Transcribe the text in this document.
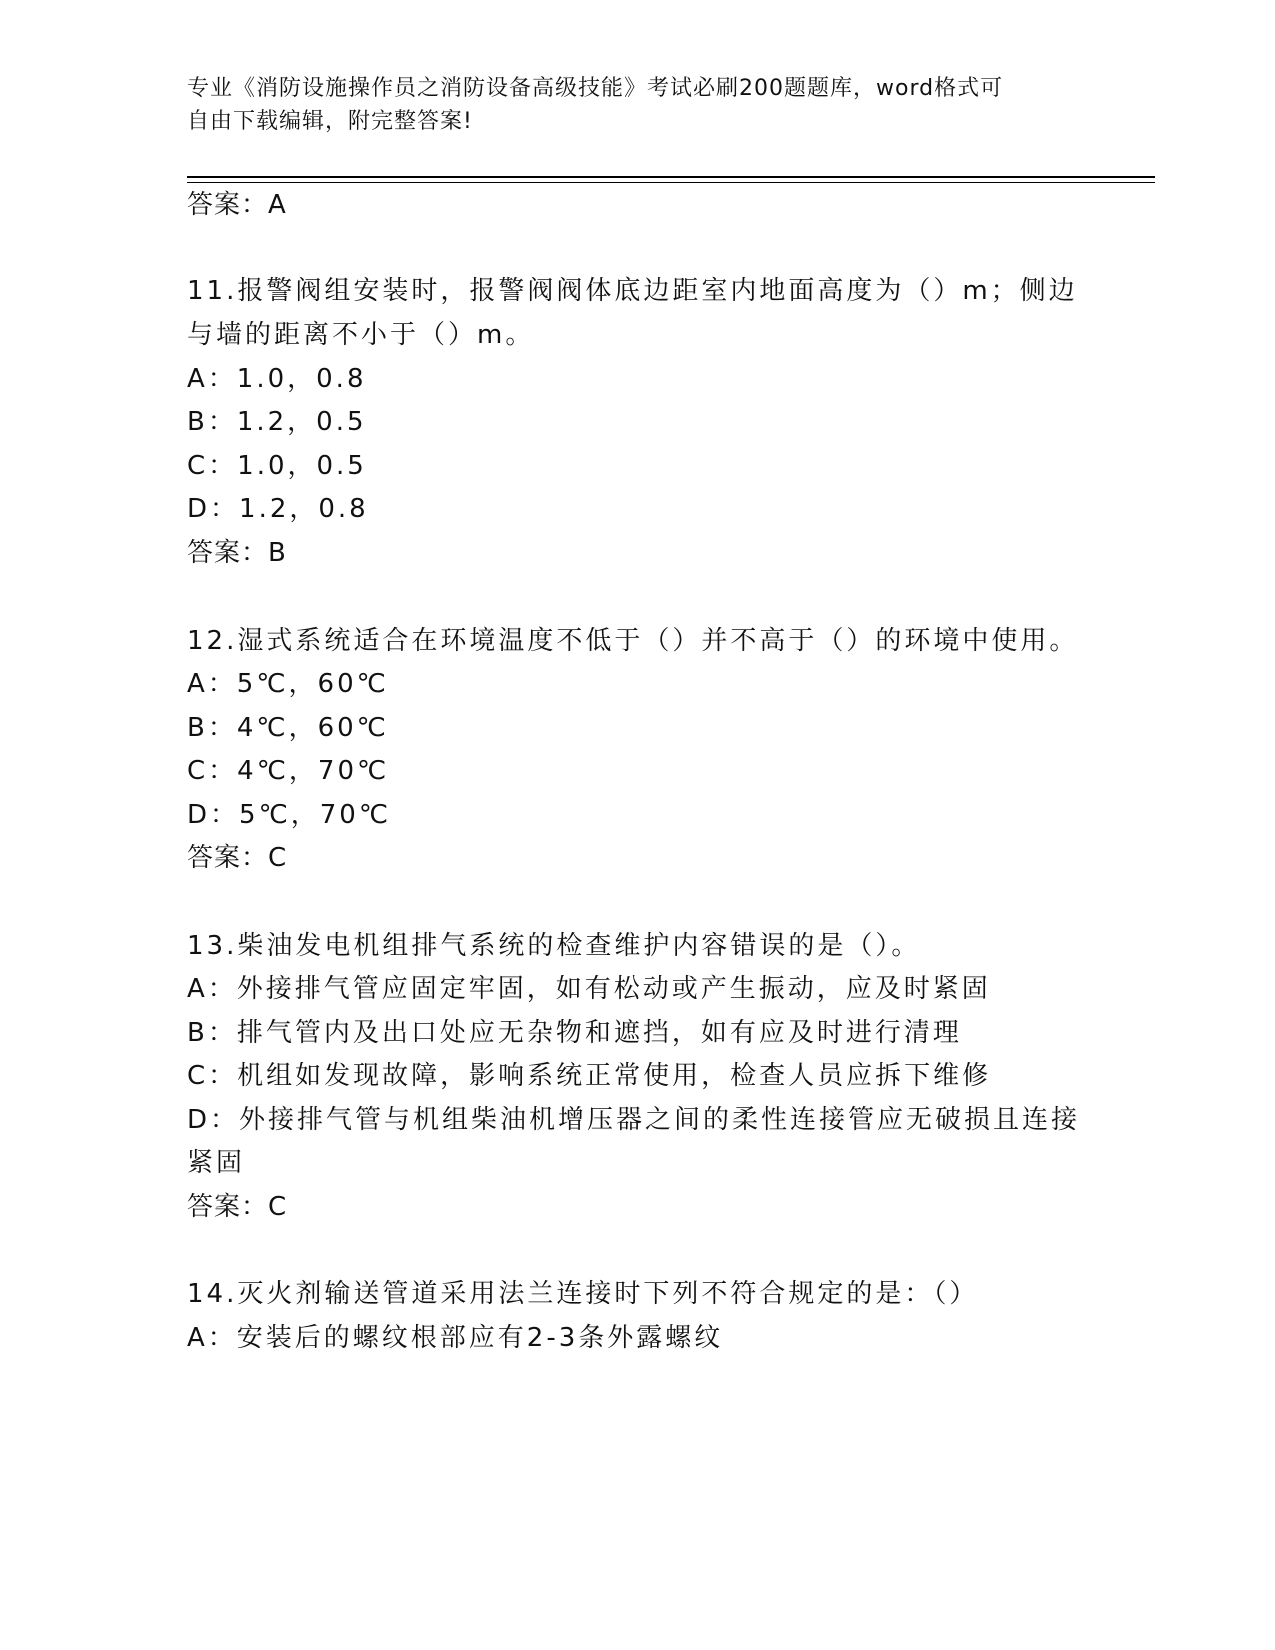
专业《消防设施操作员之消防设备高级技能》考试必刷200题题库，word格式可
自由下载编辑，附完整答案!
答案：A
11.报警阀组安装时，报警阀阀体底边距室内地面高度为（）m；侧边
与墙的距离不小于（）m。
A：1.0，0.8
B：1.2，0.5
C：1.0，0.5
D：1.2，0.8
答案：B
12.湿式系统适合在环境温度不低于（）并不高于（）的环境中使用。
A：5℃，60℃
B：4℃，60℃
C：4℃，70℃
D：5℃，70℃
答案：C
13.柴油发电机组排气系统的检查维护内容错误的是（）。
A：外接排气管应固定牢固，如有松动或产生振动，应及时紧固
B：排气管内及出口处应无杂物和遮挡，如有应及时进行清理
C：机组如发现故障，影响系统正常使用，检查人员应拆下维修
D：外接排气管与机组柴油机增压器之间的柔性连接管应无破损且连接
紧固
答案：C
14.灭火剂输送管道采用法兰连接时下列不符合规定的是：（）
A：安装后的螺纹根部应有2-3条外露螺纹
